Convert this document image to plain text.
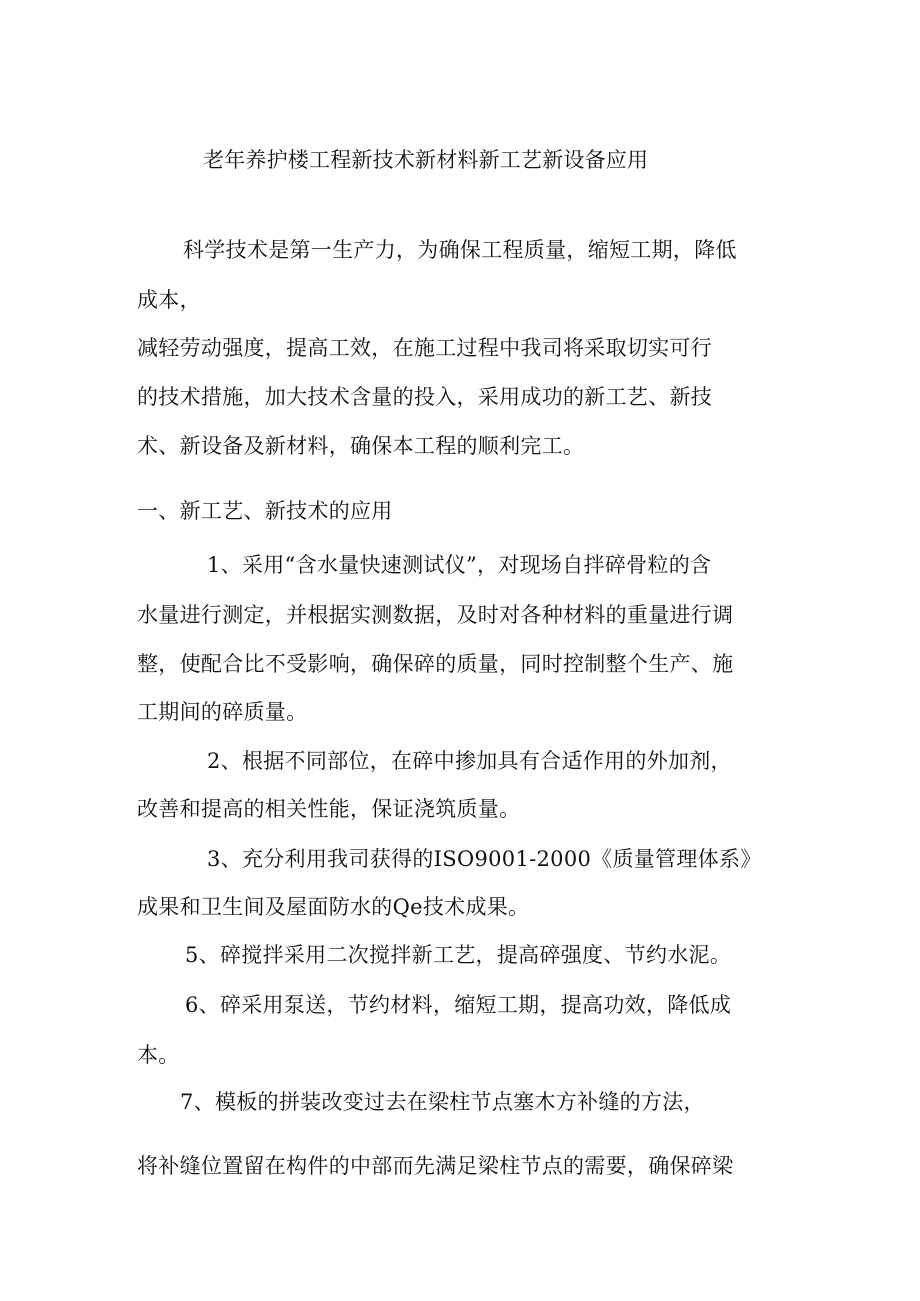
老年养护楼工程新技术新材料新工艺新设备应用

科学技术是第一生产力，为确保工程质量，缩短工期，降低

成本，

减轻劳动强度，提高工效，在施工过程中我司将采取切实可行

的技术措施，加大技术含量的投入，采用成功的新工艺、新技

术、新设备及新材料，确保本工程的顺利完工。

一、新工艺、新技术的应用

1、采用“含水量快速测试仪”，对现场自拌碎骨粒的含

水量进行测定，并根据实测数据，及时对各种材料的重量进行调

整，使配合比不受影响，确保碎的质量，同时控制整个生产、施

工期间的碎质量。

2、根据不同部位，在碎中掺加具有合适作用的外加剂，

改善和提高的相关性能，保证浇筑质量。

3、充分利用我司获得的ISO9001-2000《质量管理体系》

成果和卫生间及屋面防水的Qe技术成果。

5、碎搅拌采用二次搅拌新工艺，提高碎强度、节约水泥。

6、碎采用泵送，节约材料，缩短工期，提高功效，降低成

本。

7、模板的拼装改变过去在梁柱节点塞木方补缝的方法，

将补缝位置留在构件的中部而先满足梁柱节点的需要，确保碎梁
